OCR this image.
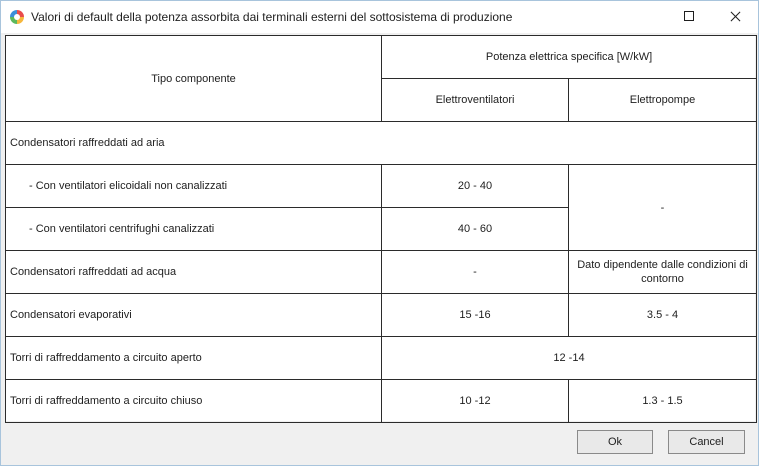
Valori di default della potenza assorbita dai terminali esterni del sottosistema di produzione
Tipo componente	Potenza elettrica specifica [W/kW]	
	Elettroventilatori	Elettropompe
Condensatori raffreddati ad aria		
- Con ventilatori elicoidali non canalizzati	20 - 40	-
- Con ventilatori centrifughi canalizzati	40 - 60	
Condensatori raffreddati ad acqua	-	Dato dipendente dalle condizioni di contorno
Condensatori evaporativi	15 -16	3.5 - 4
Torri di raffreddamento a circuito aperto	12 -14	
Torri di raffreddamento a circuito chiuso	10 -12	1.3 - 1.5
Ok	Cancel
